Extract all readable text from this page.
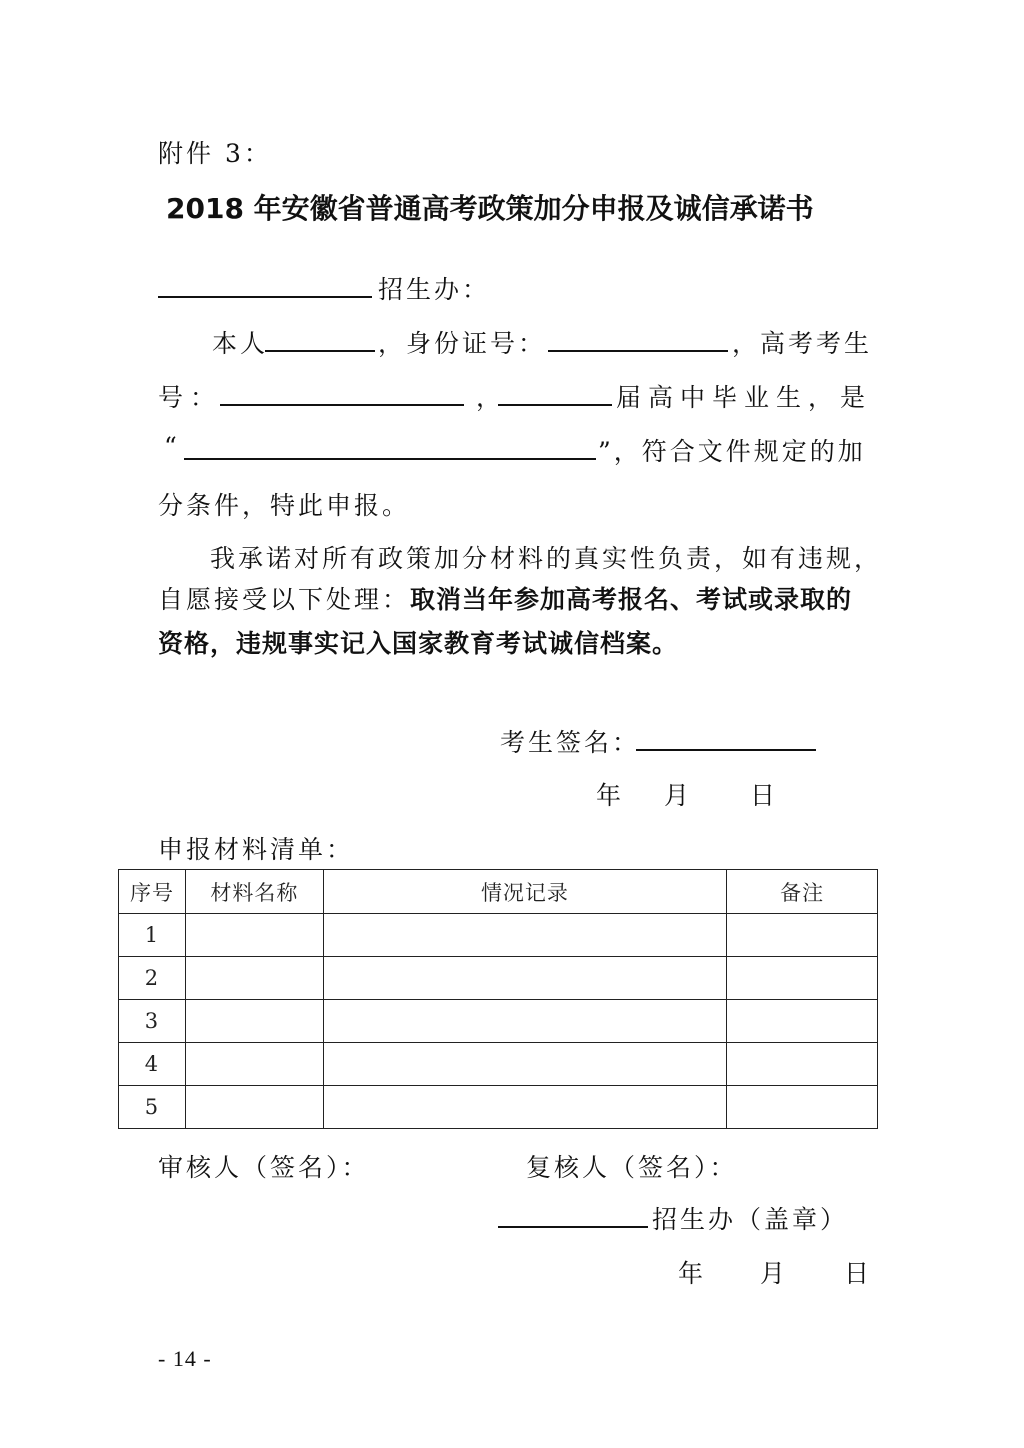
附件 3：
2018 年安徽省普通高考政策加分申报及诚信承诺书
招生办：
本人	，身份证号：	，高考考生
号：	，	届高中毕业生，是
“	”，符合文件规定的加
分条件，特此申报。
我承诺对所有政策加分材料的真实性负责，如有违规，
自愿接受以下处理：取消当年参加高考报名、考试或录取的
资格，违规事实记入国家教育考试诚信档案。
考生签名：
年 月 日
申报材料清单：
序号	材料名称	情况记录	备注
1			
2			
3			
4			
5			
审核人（签名）：	复核人（签名）：
招生办（盖章）
年 月 日
- 14 -
